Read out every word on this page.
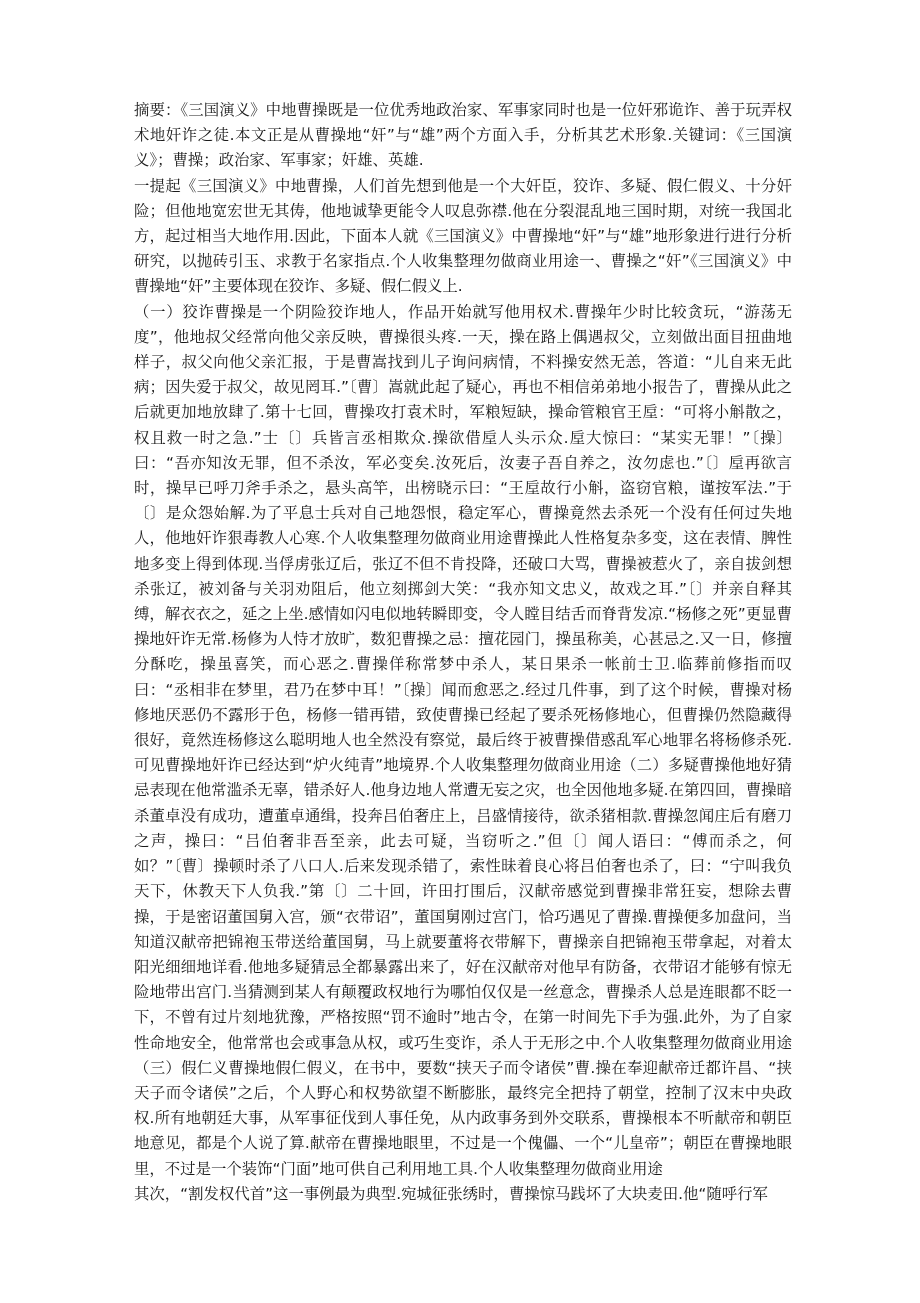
摘要：《三国演义》中地曹操既是一位优秀地政治家、军事家同时也是一位奸邪诡诈、善于玩弄权术地奸诈之徒.本文正是从曹操地“奸”与“雄”两个方面入手，分析其艺术形象.关键词：《三国演义》；曹操；政治家、军事家；奸雄、英雄.

一提起《三国演义》中地曹操，人们首先想到他是一个大奸臣，狡诈、多疑、假仁假义、十分奸险；但他地宽宏世无其俦，他地诚挚更能令人叹息弥襟.他在分裂混乱地三国时期，对统一我国北方，起过相当大地作用.因此，下面本人就《三国演义》中曹操地“奸”与“雄”地形象进行进行分析研究，以抛砖引玉、求教于名家指点.个人收集整理勿做商业用途一、曹操之“奸”《三国演义》中曹操地“奸”主要体现在狡诈、多疑、假仁假义上.

（一）狡诈曹操是一个阴险狡诈地人，作品开始就写他用权术.曹操年少时比较贪玩，“游荡无度”，他地叔父经常向他父亲反映，曹操很头疼.一天，操在路上偶遇叔父，立刻做出面目扭曲地样子，叔父向他父亲汇报，于是曹嵩找到儿子询问病情，不料操安然无恙，答道：“儿自来无此病；因失爱于叔父，故见罔耳.”〔曹〕嵩就此起了疑心，再也不相信弟弟地小报告了，曹操从此之后就更加地放肆了.第十七回，曹操攻打袁术时，军粮短缺，操命管粮官王垕：“可将小斛散之，权且救一时之急.”士〔〕兵皆言丞相欺众.操欲借垕人头示众.垕大惊曰：“某实无罪！”〔操〕曰：“吾亦知汝无罪，但不杀汝，军必变矣.汝死后，汝妻子吾自养之，汝勿虑也.”〔〕垕再欲言时，操早已呼刀斧手杀之，悬头高竿，出榜晓示曰：“王垕故行小斛，盗窃官粮，谨按军法.”于〔〕是众怨始解.为了平息士兵对自己地怨恨，稳定军心，曹操竟然去杀死一个没有任何过失地人，他地奸诈狠毒教人心寒.个人收集整理勿做商业用途曹操此人性格复杂多变，这在表情、脾性地多变上得到体现.当俘虏张辽后，张辽不但不肯投降，还破口大骂，曹操被惹火了，亲自拔剑想杀张辽，被刘备与关羽劝阻后，他立刻掷剑大笑：“我亦知文忠义，故戏之耳.”〔〕并亲自释其缚，解衣衣之，延之上坐.感情如闪电似地转瞬即变，令人瞠目结舌而脊背发凉.“杨修之死”更显曹操地奸诈无常.杨修为人恃才放旷，数犯曹操之忌：擅花园门，操虽称美，心甚忌之.又一日，修擅分酥吃，操虽喜笑，而心恶之.曹操佯称常梦中杀人，某日果杀一帐前士卫.临葬前修指而叹曰：“丞相非在梦里，君乃在梦中耳！”〔操〕闻而愈恶之.经过几件事，到了这个时候，曹操对杨修地厌恶仍不露形于色，杨修一错再错，致使曹操已经起了要杀死杨修地心，但曹操仍然隐藏得很好，竟然连杨修这么聪明地人也全然没有察觉，最后终于被曹操借惑乱军心地罪名将杨修杀死.可见曹操地奸诈已经达到“炉火纯青”地境界.个人收集整理勿做商业用途（二）多疑曹操他地好猜忌表现在他常滥杀无辜，错杀好人.他身边地人常遭无妄之灾，也全因他地多疑.在第四回，曹操暗杀董卓没有成功，遭董卓通缉，投奔吕伯奢庄上，吕盛情接待，欲杀猪相款.曹操忽闻庄后有磨刀之声，操曰：“吕伯奢非吾至亲，此去可疑，当窃听之.”但〔〕闻人语曰：“傅而杀之，何如？”〔曹〕操顿时杀了八口人.后来发现杀错了，索性昧着良心将吕伯奢也杀了，曰：“宁叫我负天下，休教天下人负我.”第〔〕二十回，许田打围后，汉献帝感觉到曹操非常狂妄，想除去曹操，于是密诏董国舅入宫，颁“衣带诏”，董国舅刚过宫门，恰巧遇见了曹操.曹操便多加盘问，当知道汉献帝把锦袍玉带送给董国舅，马上就要董将衣带解下，曹操亲自把锦袍玉带拿起，对着太阳光细细地详看.他地多疑猜忌全都暴露出来了，好在汉献帝对他早有防备，衣带诏才能够有惊无险地带出宫门.当猜测到某人有颠覆政权地行为哪怕仅仅是一丝意念，曹操杀人总是连眼都不眨一下，不曾有过片刻地犹豫，严格按照“罚不逾时”地古令，在第一时间先下手为强.此外，为了自家性命地安全，他常常也会或事急从权，或巧生变诈，杀人于无形之中.个人收集整理勿做商业用途（三）假仁义曹操地假仁假义，在书中，要数“挟天子而令诸侯”曹.操在奉迎献帝迁都许昌、“挟天子而令诸侯”之后，个人野心和权势欲望不断膨胀，最终完全把持了朝堂，控制了汉末中央政权.所有地朝廷大事，从军事征伐到人事任免，从内政事务到外交联系，曹操根本不听献帝和朝臣地意见，都是个人说了算.献帝在曹操地眼里，不过是一个傀儡、一个“儿皇帝”；朝臣在曹操地眼里，不过是一个装饰“门面”地可供自己利用地工具.个人收集整理勿做商业用途

其次，“割发权代首”这一事例最为典型.宛城征张绣时，曹操惊马践坏了大块麦田.他“随呼行军
